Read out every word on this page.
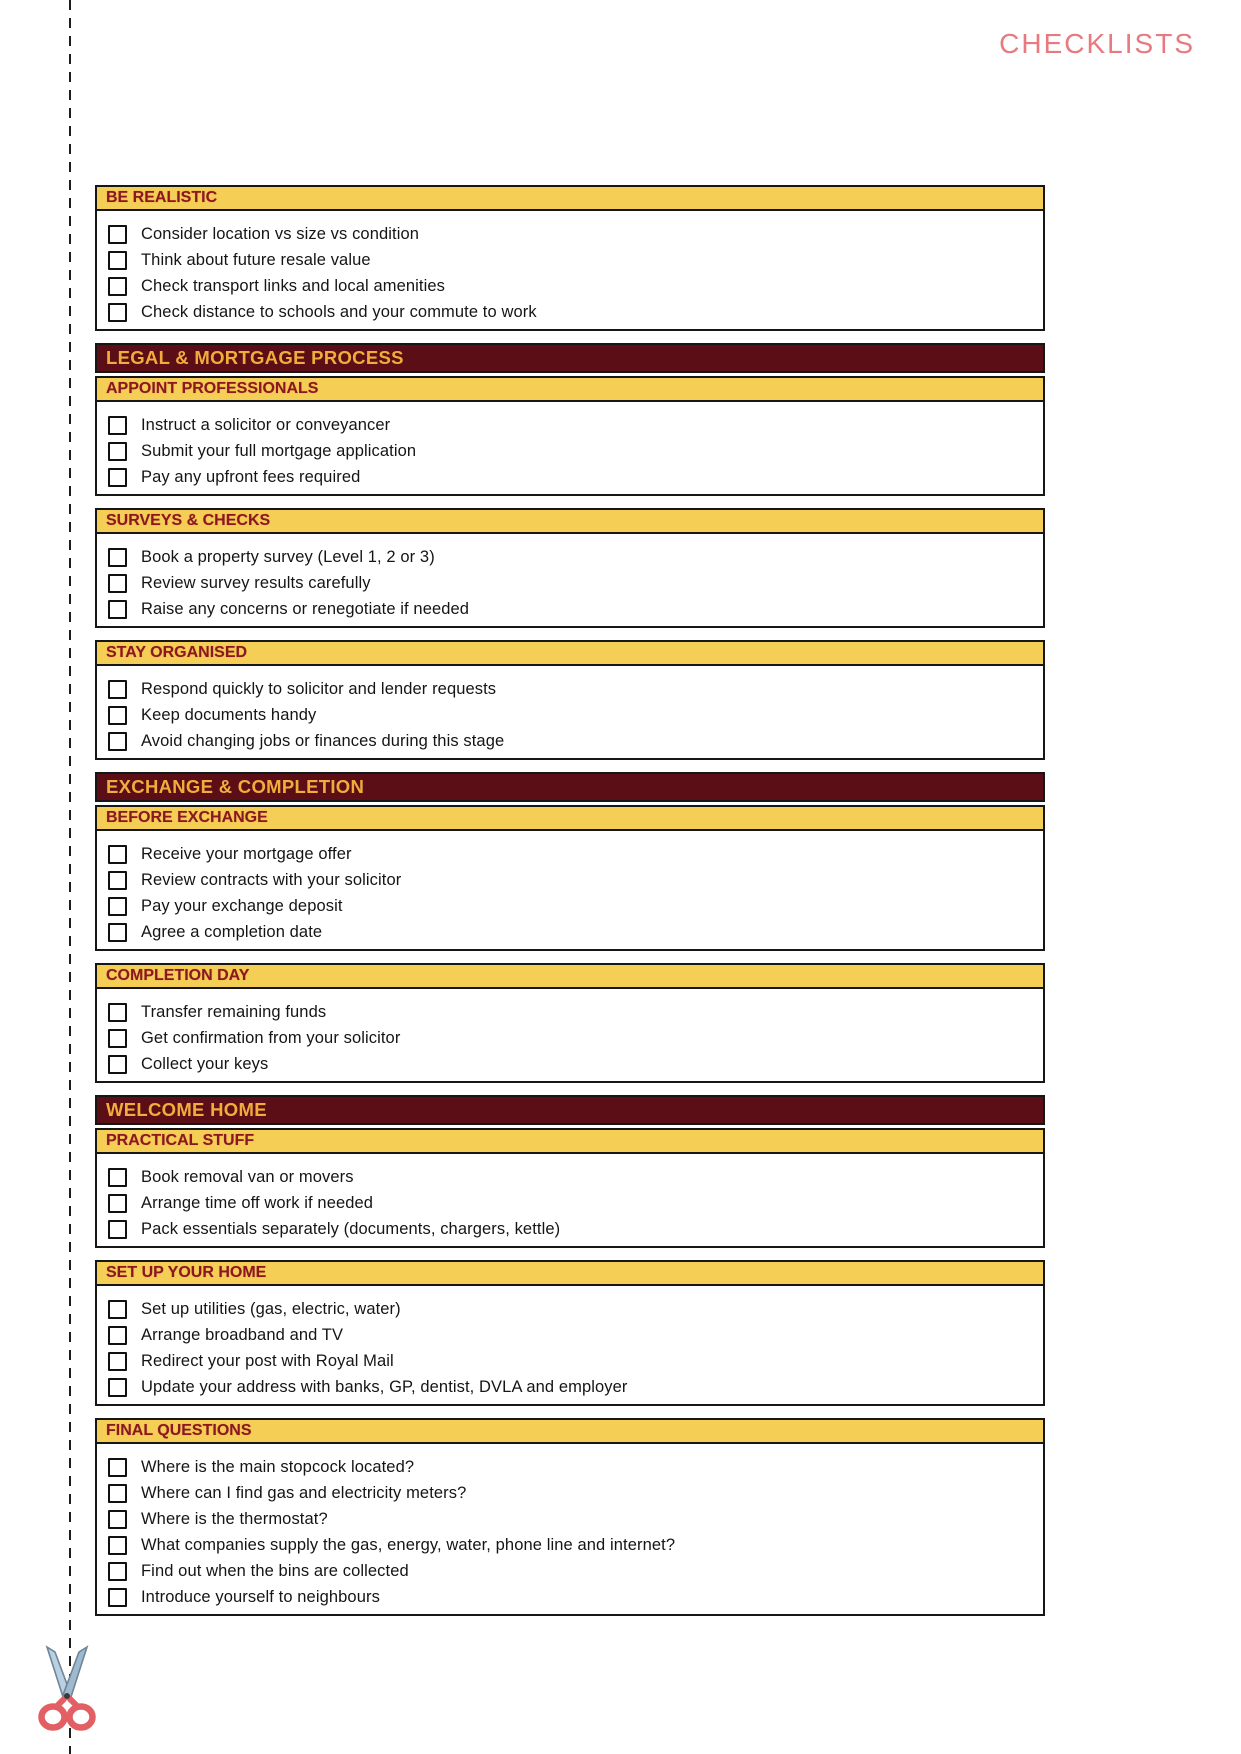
CHECKLISTS
BE REALISTIC
Consider location vs size vs condition
Think about future resale value
Check transport links and local amenities
Check distance to schools and your commute to work
LEGAL & MORTGAGE PROCESS
APPOINT PROFESSIONALS
Instruct a solicitor or conveyancer
Submit your full mortgage application
Pay any upfront fees required
SURVEYS & CHECKS
Book a property survey (Level 1, 2 or 3)
Review survey results carefully
Raise any concerns or renegotiate if needed
STAY ORGANISED
Respond quickly to solicitor and lender requests
Keep documents handy
Avoid changing jobs or finances during this stage
EXCHANGE & COMPLETION
BEFORE EXCHANGE
Receive your mortgage offer
Review contracts with your solicitor
Pay your exchange deposit
Agree a completion date
COMPLETION DAY
Transfer remaining funds
Get confirmation from your solicitor
Collect your keys
WELCOME HOME
PRACTICAL STUFF
Book removal van or movers
Arrange time off work if needed
Pack essentials separately (documents, chargers, kettle)
SET UP YOUR HOME
Set up utilities (gas, electric, water)
Arrange broadband and TV
Redirect your post with Royal Mail
Update your address with banks, GP, dentist, DVLA and employer
FINAL QUESTIONS
Where is the main stopcock located?
Where can I find gas and electricity meters?
Where is the thermostat?
What companies supply the gas, energy, water, phone line and internet?
Find out when the bins are collected
Introduce yourself to neighbours
